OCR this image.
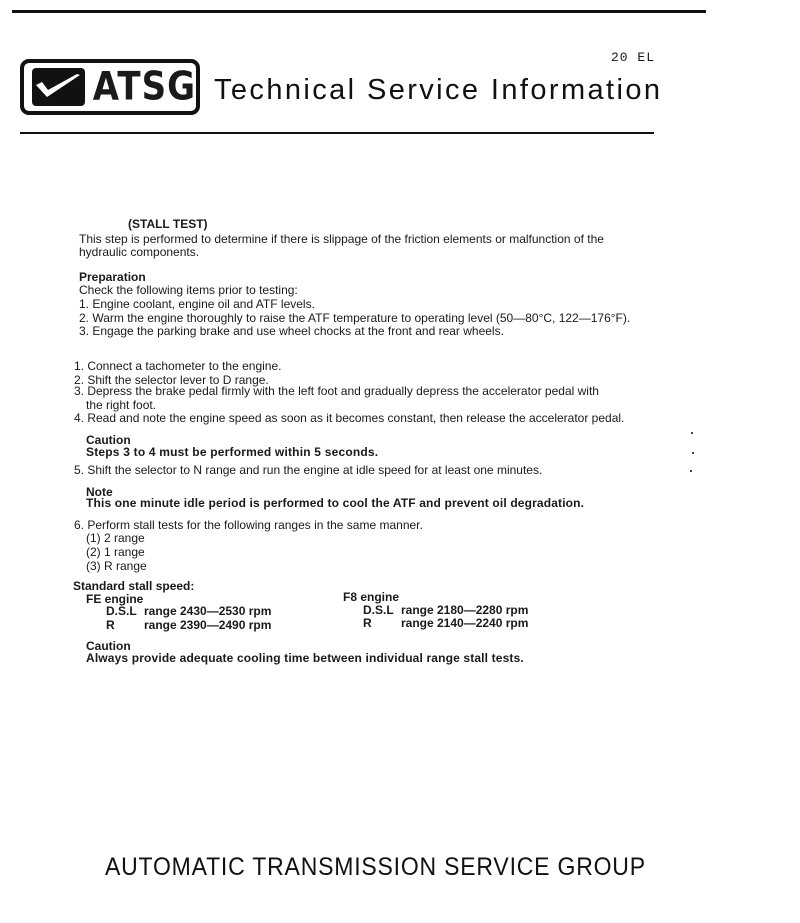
20 EL
ATSG Technical Service Information
(STALL TEST)
This step is performed to determine if there is slippage of the friction elements or malfunction of the
hydraulic components.
Preparation
Check the following items prior to testing:
1. Engine coolant, engine oil and ATF levels.
2. Warm the engine thoroughly to raise the ATF temperature to operating level (50—80°C, 122—176°F).
3. Engage the parking brake and use wheel chocks at the front and rear wheels.
1. Connect a tachometer to the engine.
2. Shift the selector lever to D range.
3. Depress the brake pedal firmly with the left foot and gradually depress the accelerator pedal with
the right foot.
4. Read and note the engine speed as soon as it becomes constant, then release the accelerator pedal.
Caution
Steps 3 to 4 must be performed within 5 seconds.
5. Shift the selector to N range and run the engine at idle speed for at least one minutes.
Note
This one minute idle period is performed to cool the ATF and prevent oil degradation.
6. Perform stall tests for the following ranges in the same manner.
(1) 2 range
(2) 1 range
(3) R range
Standard stall speed:
FE engine
D.S.L range 2430—2530 rpm
R range 2390—2490 rpm
F8 engine
D.S.L range 2180—2280 rpm
R range 2140—2240 rpm
Caution
Always provide adequate cooling time between individual range stall tests.
AUTOMATIC TRANSMISSION SERVICE GROUP
